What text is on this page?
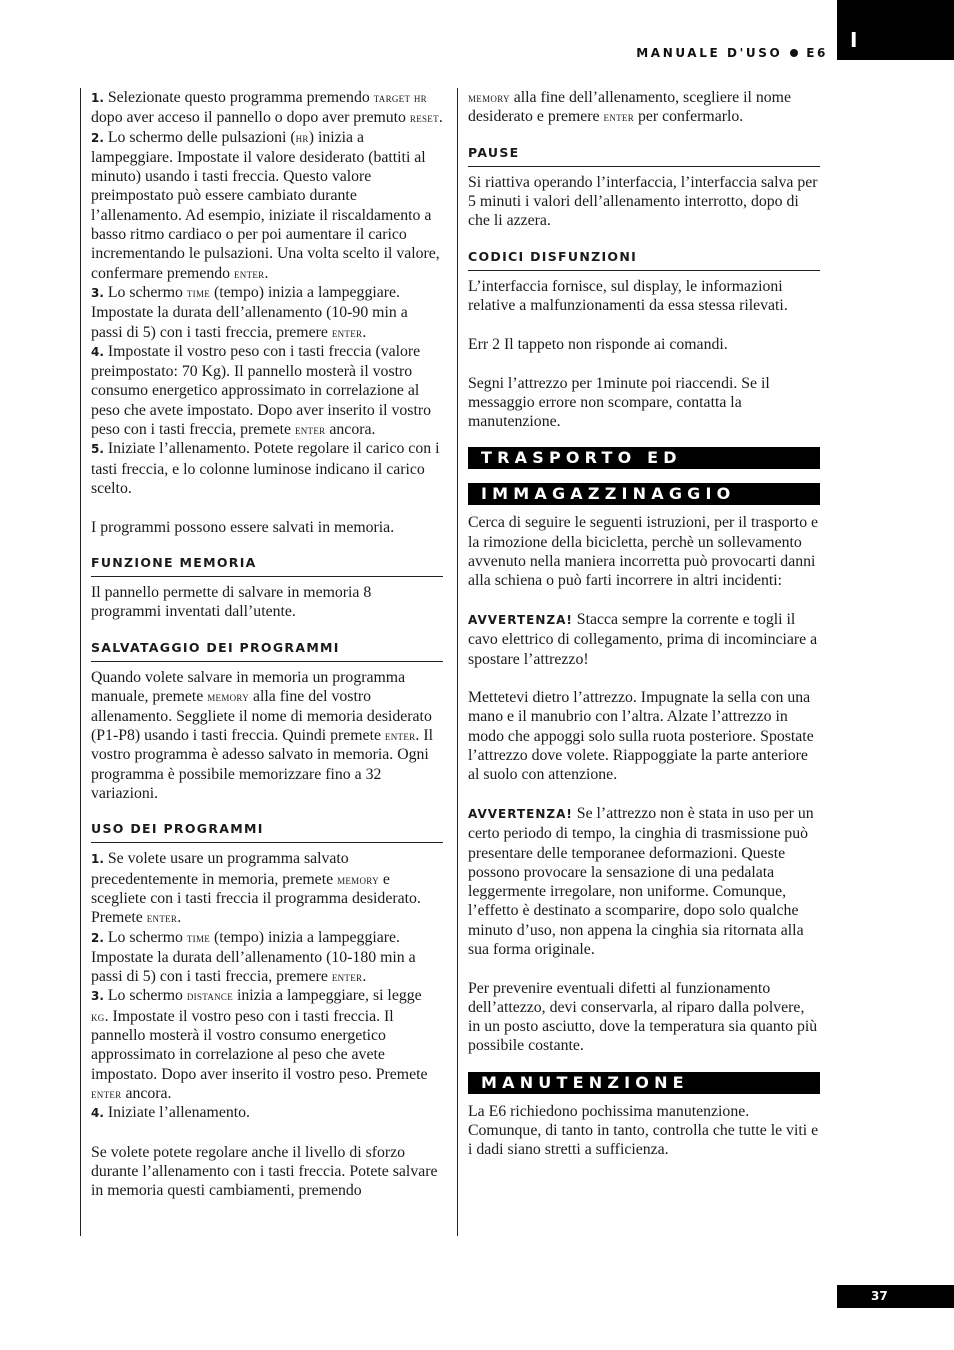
I
MANUALE D'USO E6

1. Selezionate questo programma premendo target hr dopo aver acceso il pannello o dopo aver premuto reset.

2. Lo schermo delle pulsazioni (hr) inizia a lampeggiare. Impostate il valore desiderato (battiti al minuto) usando i tasti freccia. Questo valore preimpostato può essere cambiato durante l’allenamento. Ad esempio, iniziate il riscaldamento a basso ritmo cardiaco o per poi aumentare il carico incrementando le pulsazioni. Una volta scelto il valore, confermare premendo enter.

3. Lo schermo time (tempo) inizia a lampeggiare. Impostate la durata dell’allenamento (10-90 min a passi di 5) con i tasti freccia, premere enter.

4. Impostate il vostro peso con i tasti freccia (valore preimpostato: 70 Kg). Il pannello mosterà il vostro consumo energetico approssimato in correlazione al peso che avete impostato. Dopo aver inserito il vostro peso con i tasti freccia, premete enter ancora.

5. Iniziate l’allenamento. Potete regolare il carico con i tasti freccia, e lo colonne luminose indicano il carico scelto.

I programmi possono essere salvati in memoria.

FUNZIONE MEMORIA

Il pannello permette di salvare in memoria 8 programmi inventati dall’utente.

SALVATAGGIO DEI PROGRAMMI

Quando volete salvare in memoria un programma manuale, premete memory alla fine del vostro allenamento. Seggliete il nome di memoria desiderato (P1-P8) usando i tasti freccia. Quindi premete enter. Il vostro programma è adesso salvato in memoria. Ogni programma è possibile memorizzare fino a 32 variazioni.

USO DEI PROGRAMMI

1. Se volete usare un programma salvato precedentemente in memoria, premete memory e scegliete con i tasti freccia il programma desiderato. Premete enter.

2. Lo schermo time (tempo) inizia a lampeggiare. Impostate la durata dell’allenamento (10-180 min a passi di 5) con i tasti freccia, premere enter.

3. Lo schermo distance inizia a lampeggiare, si legge kg. Impostate il vostro peso con i tasti freccia. Il pannello mosterà il vostro consumo energetico approssimato in correlazione al peso che avete impostato. Dopo aver inserito il vostro peso. Premete enter ancora.

4. Iniziate l’allenamento.

Se volete potete regolare anche il livello di sforzo durante l’allenamento con i tasti freccia. Potete salvare in memoria questi cambiamenti, premendo

memory alla fine dell’allenamento, scegliere il nome desiderato e premere enter per confermarlo.

PAUSE

Si riattiva operando l’interfaccia, l’interfaccia salva per 5 minuti i valori dell’allenamento interrotto, dopo di che li azzera.

CODICI DISFUNZIONI

L’interfaccia fornisce, sul display, le informazioni relative a malfunzionamenti da essa stessa rilevati.

Err 2 Il tappeto non risponde ai comandi.

Segni l’attrezzo per 1minute poi riaccendi. Se il messaggio errore non scompare, contatta la manutenzione.

TRASPORTO ED
IMMAGAZZINAGGIO

Cerca di seguire le seguenti istruzioni, per il trasporto e la rimozione della bicicletta, perchè un sollevamento avvenuto nella maniera incorretta può provocarti danni alla schiena o può farti incorrere in altri incidenti:

AVVERTENZA! Stacca sempre la corrente e togli il cavo elettrico di collegamento, prima di incominciare a spostare l’attrezzo!

Mettetevi dietro l’attrezzo. Impugnate la sella con una mano e il manubrio con l’altra. Alzate l’attrezzo in modo che appoggi solo sulla ruota posteriore. Spostate l’attrezzo dove volete. Riappoggiate la parte anteriore al suolo con attenzione.

AVVERTENZA! Se l’attrezzo non è stata in uso per un certo periodo di tempo, la cinghia di trasmissione può presentare delle temporanee deformazioni. Queste possono provocare la sensazione di una pedalata leggermente irregolare, non uniforme. Comunque, l’effetto è destinato a scomparire, dopo solo qualche minuto d’uso, non appena la cinghia sia ritornata alla sua forma originale.

Per prevenire eventuali difetti al funzionamento dell’attezzo, devi conservarla, al riparo dalla polvere, in un posto asciutto, dove la temperatura sia quanto più possibile costante.

MANUTENZIONE

La E6 richiedono pochissima manutenzione. Comunque, di tanto in tanto, controlla che tutte le viti e i dadi siano stretti a sufficienza.

37
